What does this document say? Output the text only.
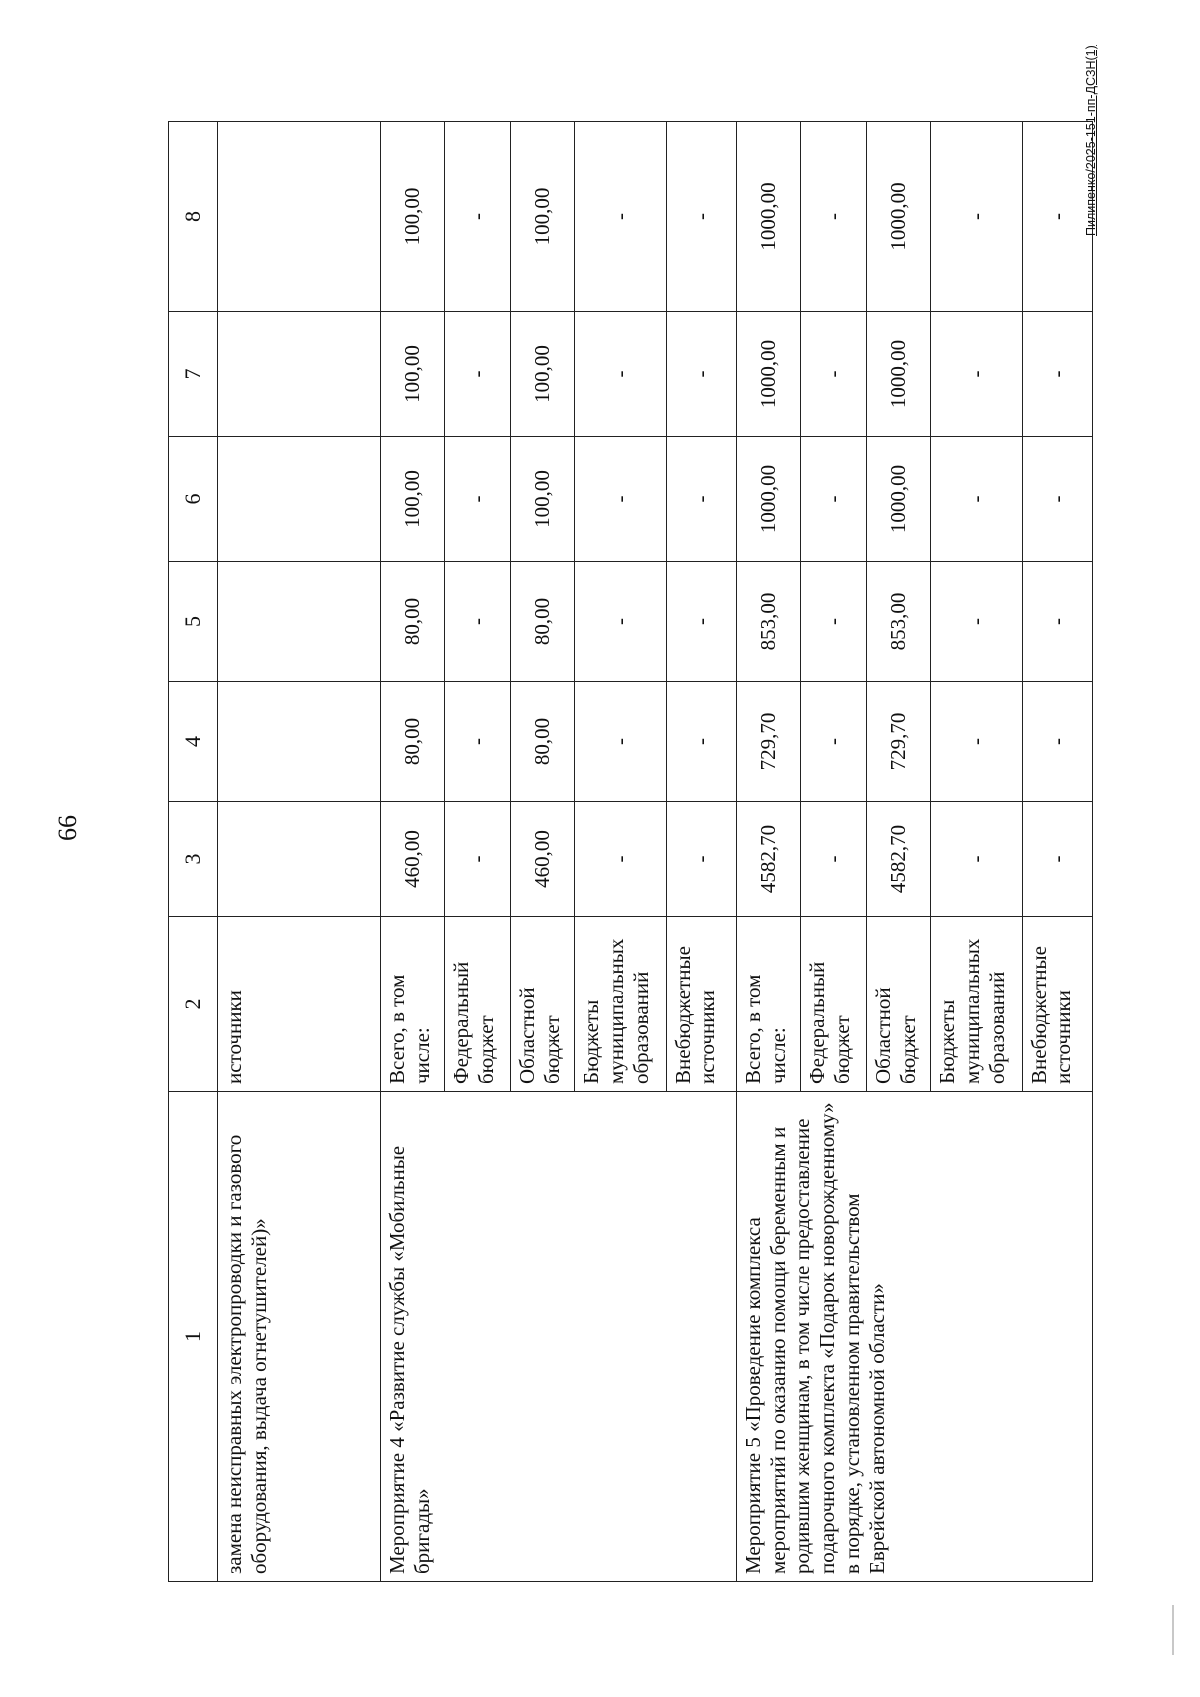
66
1	2	3	4	5	6	7	8
замена неисправных электропроводки и газового оборудования, выдача огнетушителей)»	источники						
Мероприятие 4 «Развитие службы «Мобильные бригады»	Всего, в том числе:	460,00	80,00	80,00	100,00	100,00	100,00
	Федеральный бюджет	-	-	-	-	-	-
	Областной бюджет	460,00	80,00	80,00	100,00	100,00	100,00
	Бюджеты муниципальных образований	-	-	-	-	-	-
	Внебюджетные источники	-	-	-	-	-	-
Мероприятие 5 «Проведение комплекса мероприятий по оказанию помощи беременным и родившим женщинам, в том числе предоставление подарочного комплекта «Подарок новорожденному» в порядке, установленном правительством Еврейской автономной области»	Всего, в том числе:	4582,70	729,70	853,00	1000,00	1000,00	1000,00
	Федеральный бюджет	-	-	-	-	-	-
	Областной бюджет	4582,70	729,70	853,00	1000,00	1000,00	1000,00
	Бюджеты муниципальных образований	-	-	-	-	-	-
	Внебюджетные источники	-	-	-	-	-	- Пилипенко/2025-151-пп-ДСЗН(1)
